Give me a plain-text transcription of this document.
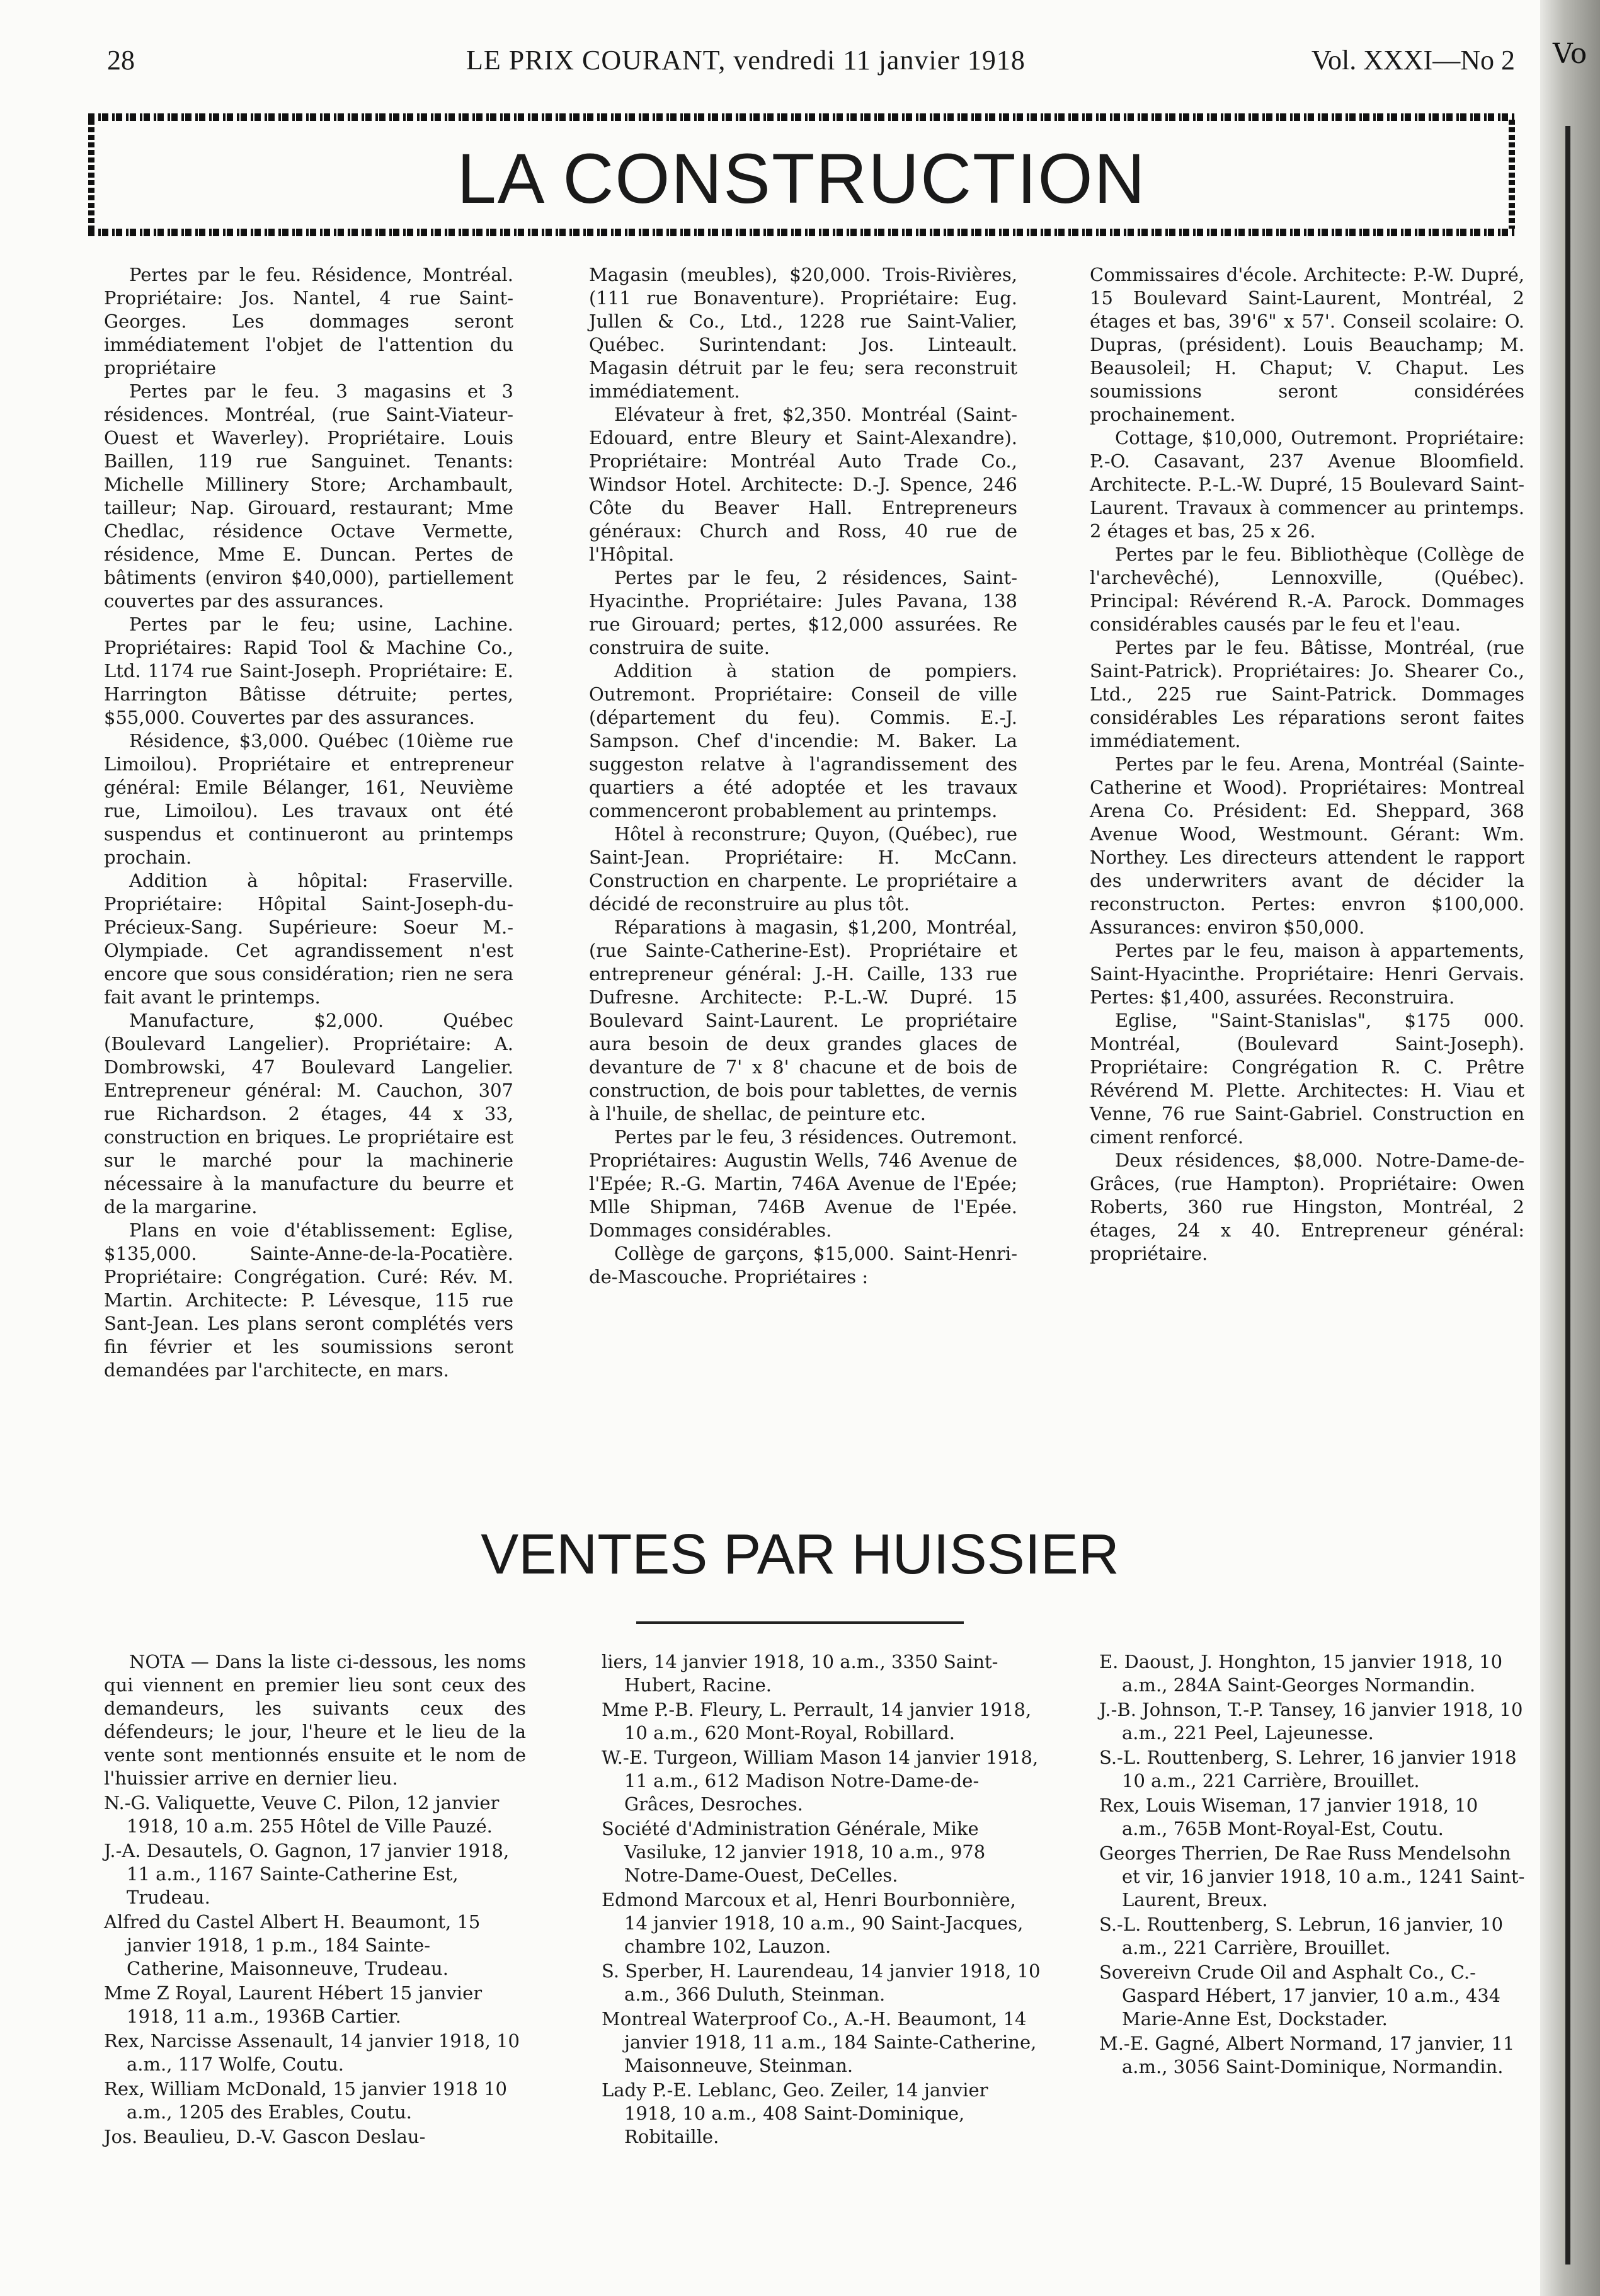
Vo
28	LE PRIX COURANT, vendredi 11 janvier 1918	Vol. XXXI—No 2
LA CONSTRUCTION

Pertes par le feu. Résidence, Montréal. Propriétaire: Jos. Nantel, 4 rue Saint-Georges. Les dommages seront immédiatement l'objet de l'attention du propriétaire

Pertes par le feu. 3 magasins et 3 résidences. Montréal, (rue Saint-Viateur-Ouest et Waverley). Propriétaire. Louis Baillen, 119 rue Sanguinet. Tenants: Michelle Millinery Store; Archambault, tailleur; Nap. Girouard, restaurant; Mme Chedlac, résidence Octave Vermette, résidence, Mme E. Duncan. Pertes de bâtiments (environ $40,000), partiellement couvertes par des assurances.

Pertes par le feu; usine, Lachine. Propriétaires: Rapid Tool & Machine Co., Ltd. 1174 rue Saint-Joseph. Propriétaire: E. Harrington Bâtisse détruite; pertes, $55,000. Couvertes par des assurances.

Résidence, $3,000. Québec (10ième rue Limoilou). Propriétaire et entrepreneur général: Emile Bélanger, 161, Neuvième rue, Limoilou). Les travaux ont été suspendus et continueront au printemps prochain.

Addition à hôpital: Fraserville. Propriétaire: Hôpital Saint-Joseph-du-Précieux-Sang. Supérieure: Soeur M.-Olympiade. Cet agrandissement n'est encore que sous considération; rien ne sera fait avant le printemps.

Manufacture, $2,000. Québec (Boulevard Langelier). Propriétaire: A. Dombrowski, 47 Boulevard Langelier. Entrepreneur général: M. Cauchon, 307 rue Richardson. 2 étages, 44 x 33, construction en briques. Le propriétaire est sur le marché pour la machinerie nécessaire à la manufacture du beurre et de la margarine.

Plans en voie d'établissement: Eglise, $135,000. Sainte-Anne-de-la-Pocatière. Propriétaire: Congrégation. Curé: Rév. M. Martin. Architecte: P. Lévesque, 115 rue Sant-Jean. Les plans seront complétés vers fin février et les soumissions seront demandées par l'architecte, en mars.

Magasin (meubles), $20,000. Trois-Rivières, (111 rue Bonaventure). Propriétaire: Eug. Jullen & Co., Ltd., 1228 rue Saint-Valier, Québec. Surintendant: Jos. Linteault. Magasin détruit par le feu; sera reconstruit immédiatement.

Elévateur à fret, $2,350. Montréal (Saint-Edouard, entre Bleury et Saint-Alexandre). Propriétaire: Montréal Auto Trade Co., Windsor Hotel. Architecte: D.-J. Spence, 246 Côte du Beaver Hall. Entrepreneurs généraux: Church and Ross, 40 rue de l'Hôpital.

Pertes par le feu, 2 résidences, Saint-Hyacinthe. Propriétaire: Jules Pavana, 138 rue Girouard; pertes, $12,000 assurées. Re construira de suite.

Addition à station de pompiers. Outremont. Propriétaire: Conseil de ville (département du feu). Commis. E.-J. Sampson. Chef d'incendie: M. Baker. La suggeston relatve à l'agrandissement des quartiers a été adoptée et les travaux commenceront probablement au printemps.

Hôtel à reconstrure; Quyon, (Québec), rue Saint-Jean. Propriétaire: H. McCann. Construction en charpente. Le propriétaire a décidé de reconstruire au plus tôt.

Réparations à magasin, $1,200, Montréal, (rue Sainte-Catherine-Est). Propriétaire et entrepreneur général: J.-H. Caille, 133 rue Dufresne. Architecte: P.-L.-W. Dupré. 15 Boulevard Saint-Laurent. Le propriétaire aura besoin de deux grandes glaces de devanture de 7' x 8' chacune et de bois de construction, de bois pour tablettes, de vernis à l'huile, de shellac, de peinture etc.

Pertes par le feu, 3 résidences. Outremont. Propriétaires: Augustin Wells, 746 Avenue de l'Epée; R.-G. Martin, 746A Avenue de l'Epée; Mlle Shipman, 746B Avenue de l'Epée. Dommages considérables.

Collège de garçons, $15,000. Saint-Henri-de-Mascouche. Propriétaires :

Commissaires d'école. Architecte: P.-W. Dupré, 15 Boulevard Saint-Laurent, Montréal, 2 étages et bas, 39'6" x 57'. Conseil scolaire: O. Dupras, (président). Louis Beauchamp; M. Beausoleil; H. Chaput; V. Chaput. Les soumissions seront considérées prochainement.

Cottage, $10,000, Outremont. Propriétaire: P.-O. Casavant, 237 Avenue Bloomfield. Architecte. P.-L.-W. Dupré, 15 Boulevard Saint-Laurent. Travaux à commencer au printemps. 2 étages et bas, 25 x 26.

Pertes par le feu. Bibliothèque (Collège de l'archevêché), Lennoxville, (Québec). Principal: Révérend R.-A. Parock. Dommages considérables causés par le feu et l'eau.

Pertes par le feu. Bâtisse, Montréal, (rue Saint-Patrick). Propriétaires: Jo. Shearer Co., Ltd., 225 rue Saint-Patrick. Dommages considérables Les réparations seront faites immédiatement.

Pertes par le feu. Arena, Montréal (Sainte-Catherine et Wood). Propriétaires: Montreal Arena Co. Président: Ed. Sheppard, 368 Avenue Wood, Westmount. Gérant: Wm. Northey. Les directeurs attendent le rapport des underwriters avant de décider la reconstructon. Pertes: envron $100,000. Assurances: environ $50,000.

Pertes par le feu, maison à appartements, Saint-Hyacinthe. Propriétaire: Henri Gervais. Pertes: $1,400, assurées. Reconstruira.

Eglise, "Saint-Stanislas", $175 000. Montréal, (Boulevard Saint-Joseph). Propriétaire: Congrégation R. C. Prêtre Révérend M. Plette. Architectes: H. Viau et Venne, 76 rue Saint-Gabriel. Construction en ciment renforcé.

Deux résidences, $8,000. Notre-Dame-de-Grâces, (rue Hampton). Propriétaire: Owen Roberts, 360 rue Hingston, Montréal, 2 étages, 24 x 40. Entrepreneur général: propriétaire.

VENTES PAR HUISSIER

NOTA — Dans la liste ci-dessous, les noms qui viennent en premier lieu sont ceux des demandeurs, les suivants ceux des défendeurs; le jour, l'heure et le lieu de la vente sont mentionnés ensuite et le nom de l'huissier arrive en dernier lieu.

N.-G. Valiquette, Veuve C. Pilon, 12 janvier 1918, 10 a.m. 255 Hôtel de Ville Pauzé.

J.-A. Desautels, O. Gagnon, 17 janvier 1918, 11 a.m., 1167 Sainte-Catherine Est, Trudeau.

Alfred du Castel Albert H. Beaumont, 15 janvier 1918, 1 p.m., 184 Sainte-Catherine, Maisonneuve, Trudeau.

Mme Z Royal, Laurent Hébert 15 janvier 1918, 11 a.m., 1936B Cartier.

Rex, Narcisse Assenault, 14 janvier 1918, 10 a.m., 117 Wolfe, Coutu.

Rex, William McDonald, 15 janvier 1918 10 a.m., 1205 des Erables, Coutu.

Jos. Beaulieu, D.-V. Gascon Deslau-

liers, 14 janvier 1918, 10 a.m., 3350 Saint-Hubert, Racine.

Mme P.-B. Fleury, L. Perrault, 14 janvier 1918, 10 a.m., 620 Mont-Royal, Robillard.

W.-E. Turgeon, William Mason 14 janvier 1918, 11 a.m., 612 Madison Notre-Dame-de-Grâces, Desroches.

Société d'Administration Générale, Mike Vasiluke, 12 janvier 1918, 10 a.m., 978 Notre-Dame-Ouest, DeCelles.

Edmond Marcoux et al, Henri Bourbonnière, 14 janvier 1918, 10 a.m., 90 Saint-Jacques, chambre 102, Lauzon.

S. Sperber, H. Laurendeau, 14 janvier 1918, 10 a.m., 366 Duluth, Steinman.

Montreal Waterproof Co., A.-H. Beaumont, 14 janvier 1918, 11 a.m., 184 Sainte-Catherine, Maisonneuve, Steinman.

Lady P.-E. Leblanc, Geo. Zeiler, 14 janvier 1918, 10 a.m., 408 Saint-Dominique, Robitaille.

E. Daoust, J. Honghton, 15 janvier 1918, 10 a.m., 284A Saint-Georges Normandin.

J.-B. Johnson, T.-P. Tansey, 16 janvier 1918, 10 a.m., 221 Peel, Lajeunesse.

S.-L. Routtenberg, S. Lehrer, 16 janvier 1918 10 a.m., 221 Carrière, Brouillet.

Rex, Louis Wiseman, 17 janvier 1918, 10 a.m., 765B Mont-Royal-Est, Coutu.

Georges Therrien, De Rae Russ Mendelsohn et vir, 16 janvier 1918, 10 a.m., 1241 Saint-Laurent, Breux.

S.-L. Routtenberg, S. Lebrun, 16 janvier, 10 a.m., 221 Carrière, Brouillet.

Sovereivn Crude Oil and Asphalt Co., C.-Gaspard Hébert, 17 janvier, 10 a.m., 434 Marie-Anne Est, Dockstader.

M.-E. Gagné, Albert Normand, 17 janvier, 11 a.m., 3056 Saint-Dominique, Normandin.
